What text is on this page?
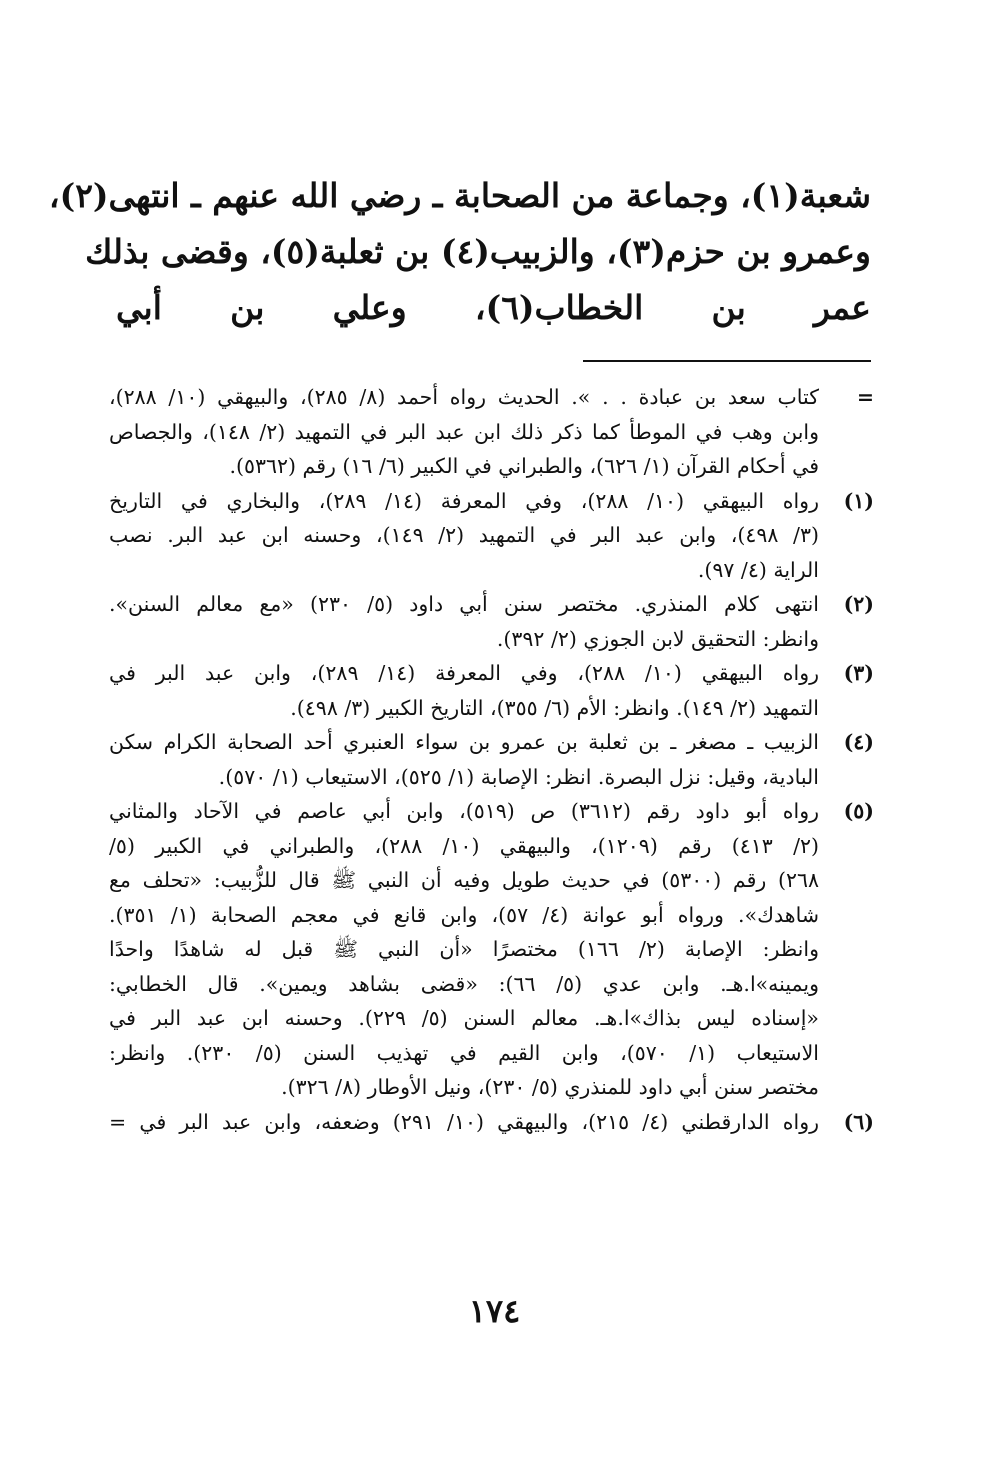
شعبة(١)، وجماعة من الصحابة ـ رضي الله عنهم ـ انتهى(٢)،
وعمرو بن حزم(٣)، والزبيب(٤) بن ثعلبة(٥)، وقضى بذلك
عمر بن الخطاب(٦)، وعلي بن أبي
=
كتاب سعد بن عبادة . . ». الحديث رواه أحمد (٨/ ٢٨٥)، والبيهقي (١٠/ ٢٨٨)،
وابن وهب في الموطأ كما ذكر ذلك ابن عبد البر في التمهيد (٢/ ١٤٨)، والجصاص
في أحكام القرآن (١/ ٦٢٦)، والطبراني في الكبير (٦/ ١٦) رقم (٥٣٦٢).
(١)
رواه البيهقي (١٠/ ٢٨٨)، وفي المعرفة (١٤/ ٢٨٩)، والبخاري في التاريخ
(٣/ ٤٩٨)، وابن عبد البر في التمهيد (٢/ ١٤٩)، وحسنه ابن عبد البر. نصب
الراية (٤/ ٩٧).
(٢)
انتهى كلام المنذري. مختصر سنن أبي داود (٥/ ٢٣٠) «مع معالم السنن».
وانظر: التحقيق لابن الجوزي (٢/ ٣٩٢).
(٣)
رواه البيهقي (١٠/ ٢٨٨)، وفي المعرفة (١٤/ ٢٨٩)، وابن عبد البر في
التمهيد (٢/ ١٤٩). وانظر: الأم (٦/ ٣٥٥)، التاريخ الكبير (٣/ ٤٩٨).
(٤)
الزبيب ـ مصغر ـ بن ثعلبة بن عمرو بن سواء العنبري أحد الصحابة الكرام سكن
البادية، وقيل: نزل البصرة. انظر: الإصابة (١/ ٥٢٥)، الاستيعاب (١/ ٥٧٠).
(٥)
رواه أبو داود رقم (٣٦١٢) ص (٥١٩)، وابن أبي عاصم في الآحاد والمثاني
(٢/ ٤١٣) رقم (١٢٠٩)، والبيهقي (١٠/ ٢٨٨)، والطبراني في الكبير (٥/
٢٦٨) رقم (٥٣٠٠) في حديث طويل وفيه أن النبي ﷺ قال للزُّبيب: «تحلف مع
شاهدك». ورواه أبو عوانة (٤/ ٥٧)، وابن قانع في معجم الصحابة (١/ ٣٥١).
وانظر: الإصابة (٢/ ١٦٦) مختصرًا «أن النبي ﷺ قبل له شاهدًا واحدًا
ويمينه»ا.هـ. وابن عدي (٥/ ٦٦): «قضى بشاهد ويمين». قال الخطابي:
«إسناده ليس بذاك»ا.هـ. معالم السنن (٥/ ٢٢٩). وحسنه ابن عبد البر في
الاستيعاب (١/ ٥٧٠)، وابن القيم في تهذيب السنن (٥/ ٢٣٠). وانظر:
مختصر سنن أبي داود للمنذري (٥/ ٢٣٠)، ونيل الأوطار (٨/ ٣٢٦).
(٦)
رواه الدارقطني (٤/ ٢١٥)، والبيهقي (١٠/ ٢٩١) وضعفه، وابن عبد البر في =
١٧٤
